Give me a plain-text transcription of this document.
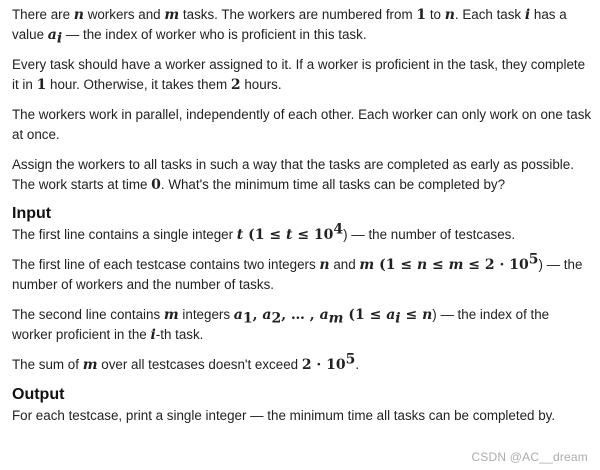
There are n workers and m tasks. The workers are numbered from 1 to n. Each task i has a value $a_i$ — the index of worker who is proficient in this task.

Every task should have a worker assigned to it. If a worker is proficient in the task, they complete it in 1 hour. Otherwise, it takes them 2 hours.

The workers work in parallel, independently of each other. Each worker can only work on one task at once.

Assign the workers to all tasks in such a way that the tasks are completed as early as possible. The work starts at time 0. What's the minimum time all tasks can be completed by?

Input

The first line contains a single integer t $(1 \le t \le 10^4)$ — the number of testcases.

The first line of each testcase contains two integers n and m $(1 \le n \le m \le 2 \cdot 10^5)$ — the number of workers and the number of tasks.

The second line contains m integers $a_1$, $a_2$, … , $a_m$ $(1 \le a_i \le n)$ — the index of the worker proficient in the i-th task.

The sum of m over all testcases doesn't exceed $2 \cdot 10^5$.

Output

For each testcase, print a single integer — the minimum time all tasks can be completed by.

CSDN @AC__dream
